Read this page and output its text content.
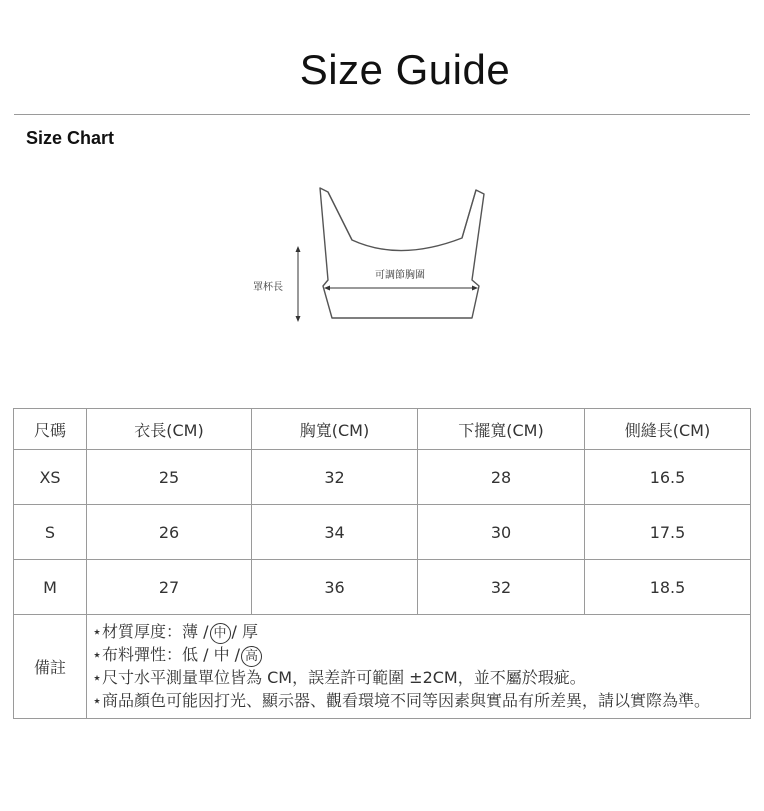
Size Guide
Size Chart
罩杯長
可調節胸圍
尺碼	衣長(CM)	胸寬(CM)	下擺寬(CM)	側縫長(CM)
XS	25	32	28	16.5
S	26	34	30	17.5
M	27	36	32	18.5
備註	⋆材質厚度：薄 / 中 / 厚
⋆布料彈性：低 / 中 / 高
⋆尺寸水平測量單位皆為 CM，誤差許可範圍 ±2CM，並不屬於瑕疵。
⋆商品顏色可能因打光、顯示器、觀看環境不同等因素與實品有所差異，請以實際為準。			
